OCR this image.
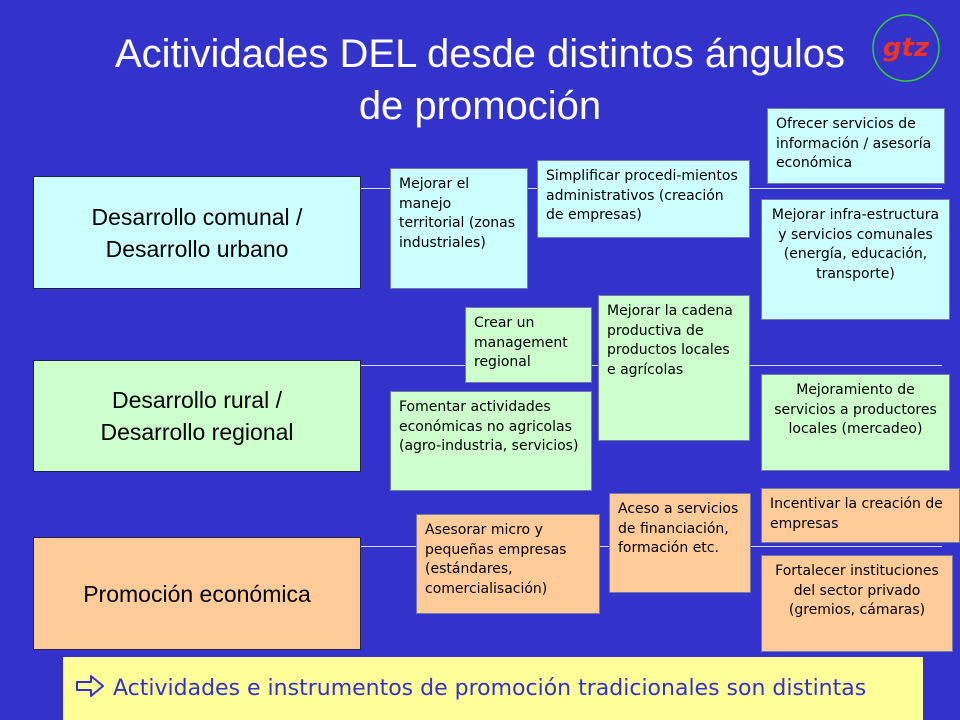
Acitividades DEL desde distintos ángulos
de promoción
gtz
Desarrollo comunal /
Desarrollo urbano
Desarrollo rural /
Desarrollo regional
Promoción económica
Mejorar el manejo territorial (zonas industriales)
Simplificar procedi-mientos administrativos (creación de empresas)
Ofrecer servicios de información / asesoría económica
Mejorar infra-estructura y servicios comunales (energía, educación, transporte)
Crear un management regional
Mejorar la cadena productiva de productos locales e agrícolas
Fomentar actividades económicas no agricolas (agro-industria, servicios)
Mejoramiento de servicios a productores locales (mercadeo)
Incentivar la creación de empresas
Asesorar micro y pequeñas empresas (estándares, comercialisación)
Aceso a servicios de financiación, formación etc.
Fortalecer instituciones del sector privado (gremios, cámaras)
Actividades e instrumentos de promoción tradicionales son distintas
